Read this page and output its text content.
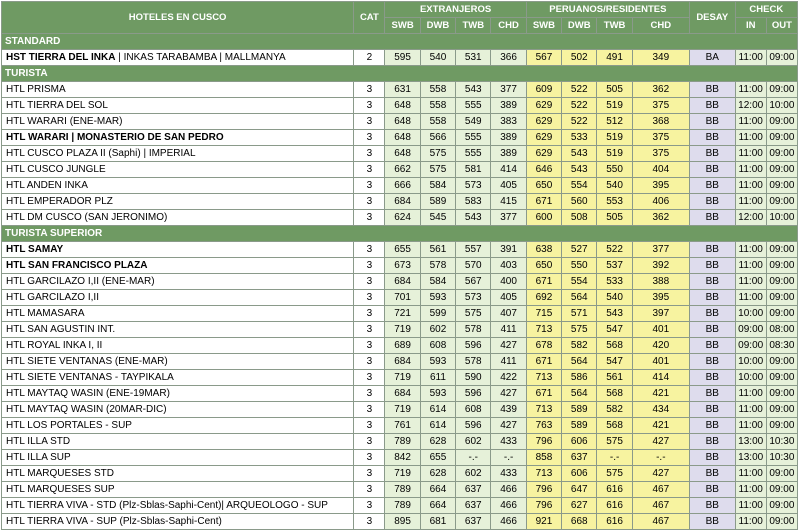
HOTELES EN CUSCO	CAT	EXTRANJEROS				PERUANOS/RESIDENTES				DESAY	CHECK	
		SWB	DWB	TWB	CHD	SWB	DWB	TWB	CHD		IN	OUT
STANDARD												
HST TIERRA DEL INKA | INKAS TARABAMBA | MALLMANYA	2	595	540	531	366	567	502	491	349	BA	11:00	09:00
TURISTA												
HTL PRISMA	3	631	558	543	377	609	522	505	362	BB	11:00	09:00
HTL TIERRA DEL SOL	3	648	558	555	389	629	522	519	375	BB	12:00	10:00
HTL WARARI (ENE-MAR)	3	648	558	549	383	629	522	512	368	BB	11:00	09:00
HTL WARARI | MONASTERIO DE SAN PEDRO	3	648	566	555	389	629	533	519	375	BB	11:00	09:00
HTL CUSCO PLAZA II (Saphi) | IMPERIAL	3	648	575	555	389	629	543	519	375	BB	11:00	09:00
HTL CUSCO JUNGLE	3	662	575	581	414	646	543	550	404	BB	11:00	09:00
HTL ANDEN INKA	3	666	584	573	405	650	554	540	395	BB	11:00	09:00
HTL EMPERADOR PLZ	3	684	589	583	415	671	560	553	406	BB	11:00	09:00
HTL DM CUSCO (SAN JERONIMO)	3	624	545	543	377	600	508	505	362	BB	12:00	10:00
TURISTA SUPERIOR												
HTL SAMAY	3	655	561	557	391	638	527	522	377	BB	11:00	09:00
HTL SAN FRANCISCO PLAZA	3	673	578	570	403	650	550	537	392	BB	11:00	09:00
HTL GARCILAZO I,II (ENE-MAR)	3	684	584	567	400	671	554	533	388	BB	11:00	09:00
HTL GARCILAZO I,II	3	701	593	573	405	692	564	540	395	BB	11:00	09:00
HTL MAMASARA	3	721	599	575	407	715	571	543	397	BB	10:00	09:00
HTL SAN AGUSTIN INT.	3	719	602	578	411	713	575	547	401	BB	09:00	08:00
HTL ROYAL INKA I, II	3	689	608	596	427	678	582	568	420	BB	09:00	08:30
HTL SIETE VENTANAS (ENE-MAR)	3	684	593	578	411	671	564	547	401	BB	10:00	09:00
HTL SIETE VENTANAS - TAYPIKALA	3	719	611	590	422	713	586	561	414	BB	10:00	09:00
HTL MAYTAQ WASIN (ENE-19MAR)	3	684	593	596	427	671	564	568	421	BB	11:00	09:00
HTL MAYTAQ WASIN (20MAR-DIC)	3	719	614	608	439	713	589	582	434	BB	11:00	09:00
HTL LOS PORTALES - SUP	3	761	614	596	427	763	589	568	421	BB	11:00	09:00
HTL ILLA STD	3	789	628	602	433	796	606	575	427	BB	13:00	10:30
HTL ILLA SUP	3	842	655	-.-	-.-	858	637	-.-	-.-	BB	13:00	10:30
HTL MARQUESES STD	3	719	628	602	433	713	606	575	427	BB	11:00	09:00
HTL MARQUESES SUP	3	789	664	637	466	796	647	616	467	BB	11:00	09:00
HTL TIERRA VIVA - STD (Plz-Sblas-Saphi-Cent)| ARQUEOLOGO - SUP	3	789	664	637	466	796	627	616	467	BB	11:00	09:00
HTL TIERRA VIVA - SUP (Plz-Sblas-Saphi-Cent)	3	895	681	637	466	921	668	616	467	BB	11:00	09:00
